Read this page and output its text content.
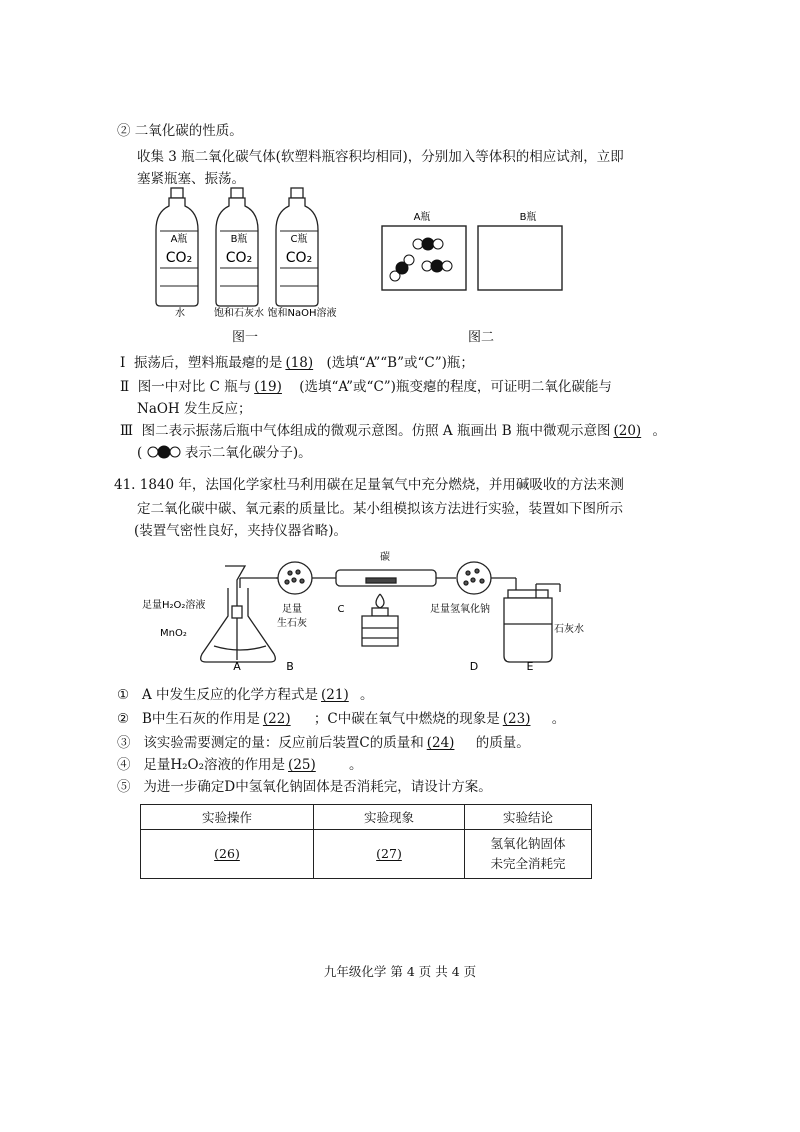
② 二氧化碳的性质。
收集 3 瓶二氧化碳气体(软塑料瓶容积均相同)，分别加入等体积的相应试剂，立即
塞紧瓶塞、振荡。
A瓶
CO₂
水
B瓶
CO₂
饱和石灰水
C瓶
CO₂
饱和NaOH溶液
图一
A瓶	B瓶
图二
Ⅰ 振荡后，塑料瓶最瘪的是 (18) (选填“A”“B”或“C”)瓶；
Ⅱ 图一中对比 C 瓶与 (19) (选填“A”或“C”)瓶变瘪的程度，可证明二氧化碳能与
NaOH 发生反应；
Ⅲ 图二表示振荡后瓶中气体组成的微观示意图。仿照 A 瓶画出 B 瓶中微观示意图 (20) 。
(	表示二氧化碳分子)。
41. 1840 年，法国化学家杜马利用碳在足量氧气中充分燃烧，并用碱吸收的方法来测
定二氧化碳中碳、氧元素的质量比。某小组模拟该方法进行实验，装置如下图所示
(装置气密性良好，夹持仪器省略)。
碳
足量H₂O₂溶液
MnO₂
足量
生石灰
C	足量氢氧化钠
石灰水
A	B	D	E
① A 中发生反应的化学方程式是 (21) 。
② B中生石灰的作用是 (22) ；C中碳在氧气中燃烧的现象是 (23) 。
③ 该实验需要测定的量：反应前后装置C的质量和 (24) 的质量。
④ 足量H₂O₂溶液的作用是 (25) 。
⑤ 为进一步确定D中氢氧化钠固体是否消耗完，请设计方案。
实验操作	实验现象	实验结论
(26)	(27)	氢氧化钠固体
未完全消耗完
九年级化学 第 4 页 共 4 页
